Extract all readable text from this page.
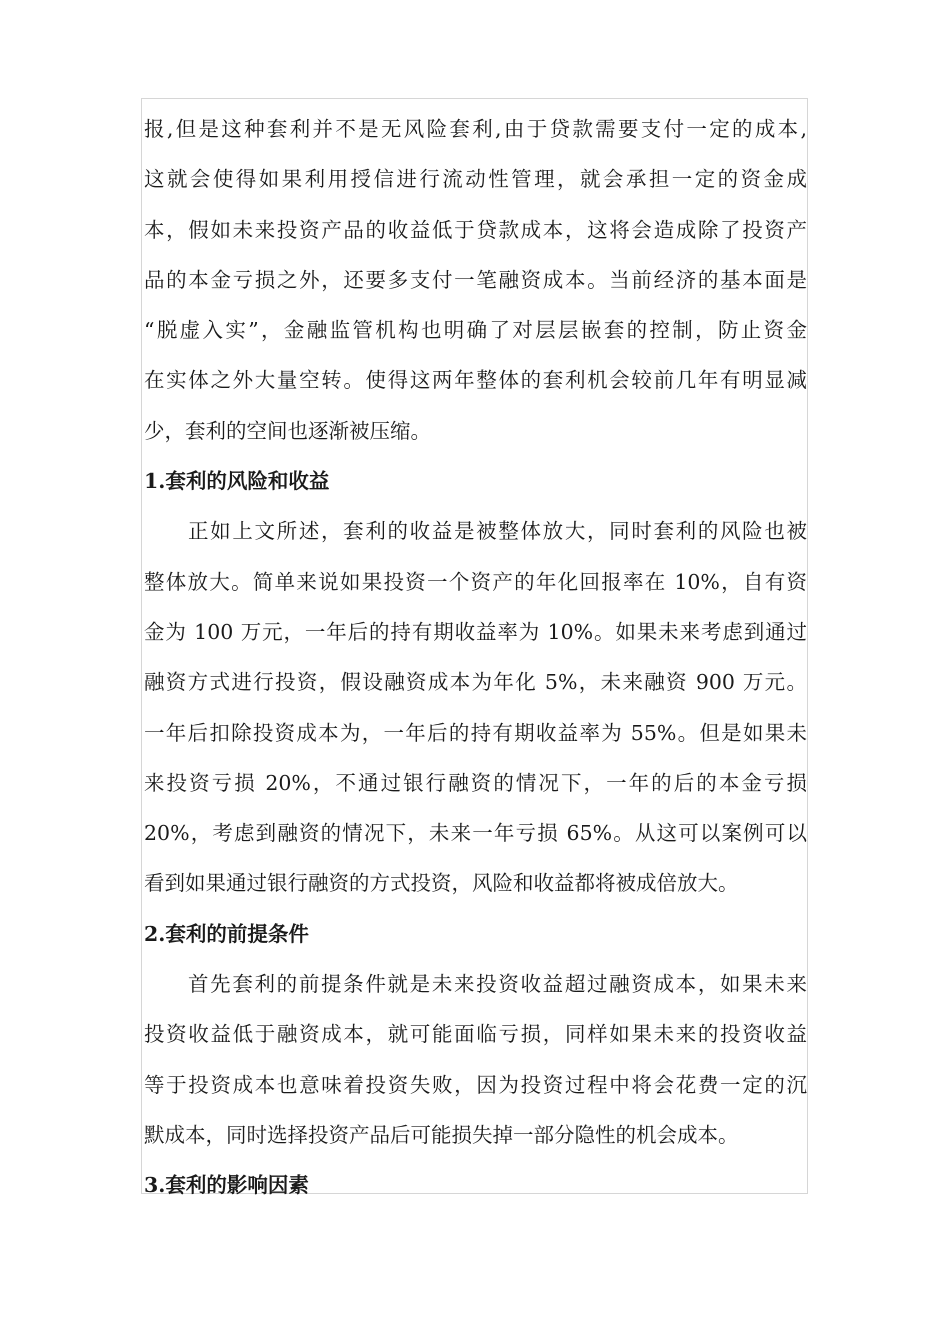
报,但是这种套利并不是无风险套利,由于贷款需要支付一定的成本,
这就会使得如果利用授信进行流动性管理，就会承担一定的资金成
本，假如未来投资产品的收益低于贷款成本，这将会造成除了投资产
品的本金亏损之外，还要多支付一笔融资成本。当前经济的基本面是
“脱虚入实”，金融监管机构也明确了对层层嵌套的控制，防止资金
在实体之外大量空转。使得这两年整体的套利机会较前几年有明显减
少，套利的空间也逐渐被压缩。
1.套利的风险和收益
正如上文所述，套利的收益是被整体放大，同时套利的风险也被
整体放大。简单来说如果投资一个资产的年化回报率在 10%，自有资
金为 100 万元，一年后的持有期收益率为 10%。如果未来考虑到通过
融资方式进行投资，假设融资成本为年化 5%，未来融资 900 万元。
一年后扣除投资成本为，一年后的持有期收益率为 55%。但是如果未
来投资亏损 20%，不通过银行融资的情况下，一年的后的本金亏损
20%，考虑到融资的情况下，未来一年亏损 65%。从这可以案例可以
看到如果通过银行融资的方式投资，风险和收益都将被成倍放大。
2.套利的前提条件
首先套利的前提条件就是未来投资收益超过融资成本，如果未来
投资收益低于融资成本，就可能面临亏损，同样如果未来的投资收益
等于投资成本也意味着投资失败，因为投资过程中将会花费一定的沉
默成本，同时选择投资产品后可能损失掉一部分隐性的机会成本。
3.套利的影响因素
